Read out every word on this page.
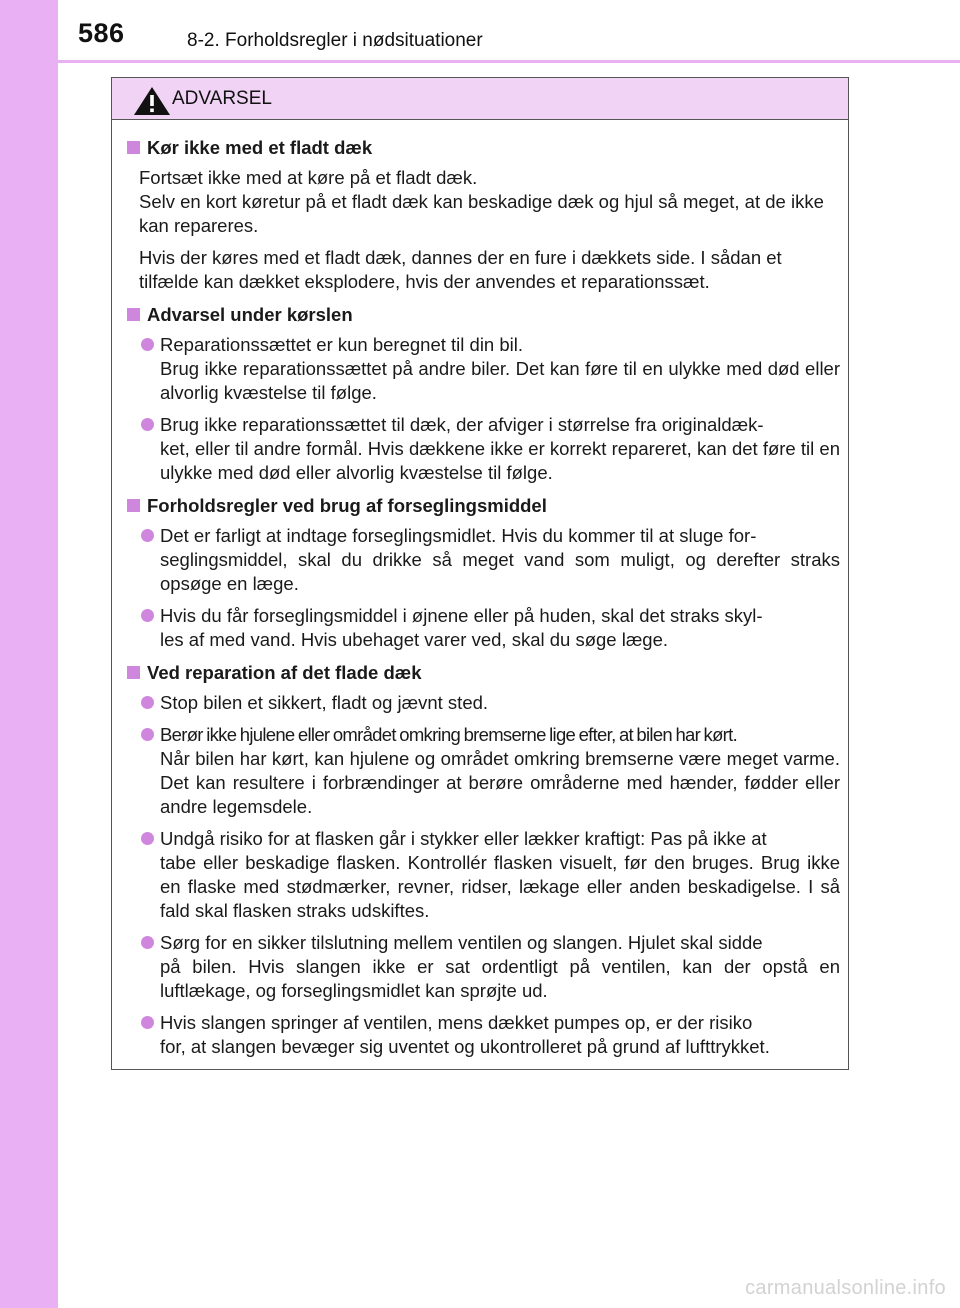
586	8-2. Forholdsregler i nødsituationer
ADVARSEL
Kør ikke med et fladt dæk
Fortsæt ikke med at køre på et fladt dæk.
Selv en kort køretur på et fladt dæk kan beskadige dæk og hjul så meget, at de ikke kan repareres.
Hvis der køres med et fladt dæk, dannes der en fure i dækkets side. I sådan et tilfælde kan dækket eksplodere, hvis der anvendes et reparationssæt.
Advarsel under kørslen
Reparationssættet er kun beregnet til din bil.
Brug ikke reparationssættet på andre biler. Det kan føre til en ulykke med død eller alvorlig kvæstelse til følge.
Brug ikke reparationssættet til dæk, der afviger i størrelse fra originaldæk-
ket, eller til andre formål. Hvis dækkene ikke er korrekt repareret, kan det føre til en ulykke med død eller alvorlig kvæstelse til følge.
Forholdsregler ved brug af forseglingsmiddel
Det er farligt at indtage forseglingsmidlet. Hvis du kommer til at sluge for-
seglingsmiddel, skal du drikke så meget vand som muligt, og derefter straks opsøge en læge.
Hvis du får forseglingsmiddel i øjnene eller på huden, skal det straks skyl-
les af med vand. Hvis ubehaget varer ved, skal du søge læge.
Ved reparation af det flade dæk
Stop bilen et sikkert, fladt og jævnt sted.
Berør ikke hjulene eller området omkring bremserne lige efter, at bilen har kørt.
Når bilen har kørt, kan hjulene og området omkring bremserne være meget varme. Det kan resultere i forbrændinger at berøre områderne med hænder, fødder eller andre legemsdele.
Undgå risiko for at flasken går i stykker eller lækker kraftigt: Pas på ikke at
tabe eller beskadige flasken. Kontrollér flasken visuelt, før den bruges. Brug ikke en flaske med stødmærker, revner, ridser, lækage eller anden beskadigelse. I så fald skal flasken straks udskiftes.
Sørg for en sikker tilslutning mellem ventilen og slangen. Hjulet skal sidde
på bilen. Hvis slangen ikke er sat ordentligt på ventilen, kan der opstå en luftlækage, og forseglingsmidlet kan sprøjte ud.
Hvis slangen springer af ventilen, mens dækket pumpes op, er der risiko
for, at slangen bevæger sig uventet og ukontrolleret på grund af lufttrykket.
carmanualsonline.info
